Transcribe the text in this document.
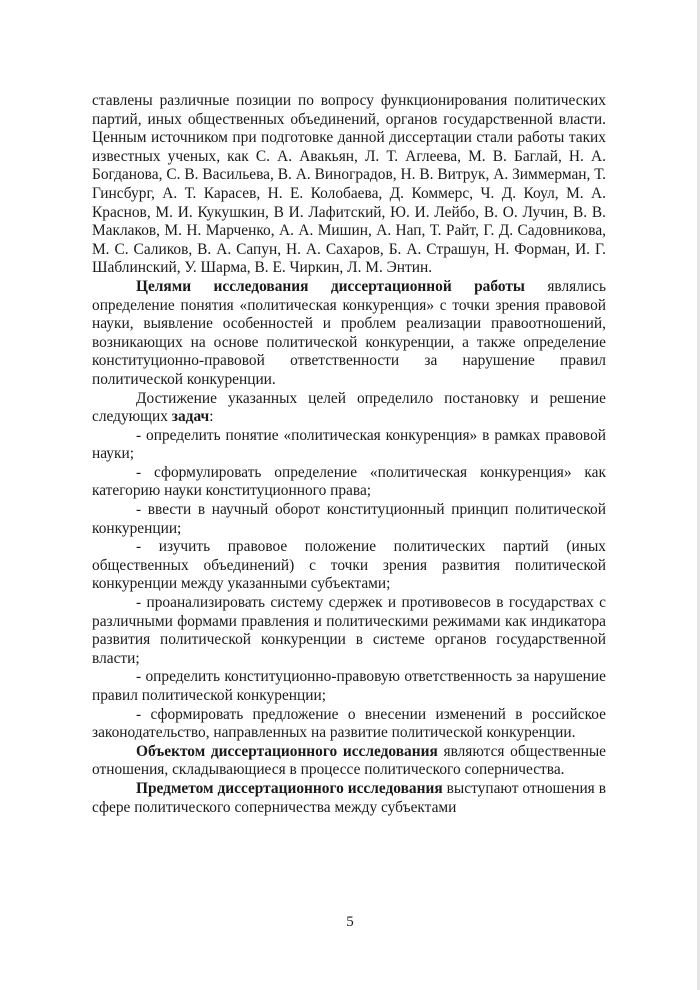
ставлены различные позиции по вопросу функционирования политических партий, иных общественных объединений, органов государственной власти. Ценным источником при подготовке данной диссертации стали работы таких известных ученых, как С. А. Авакьян, Л. Т. Аглеева, М. В. Баглай, Н. А. Богданова, С. В. Васильева, В. А. Виноградов, Н. В. Витрук, А. Зиммерман, Т. Гинсбург, А. Т. Карасев, Н. Е. Колобаева, Д. Коммерс, Ч. Д. Коул, М. А. Краснов, М. И. Кукушкин, В И. Лафитский, Ю. И. Лейбо, В. О. Лучин, В. В. Маклаков, М. Н. Марченко, А. А. Мишин, А. Нап, Т. Райт, Г. Д. Садовникова, М. С. Саликов, В. А. Сапун, Н. А. Сахаров, Б. А. Страшун, Н. Форман, И. Г. Шаблинский, У. Шарма, В. Е. Чиркин, Л. М. Энтин.

Целями исследования диссертационной работы являлись определение понятия «политическая конкуренция» с точки зрения правовой науки, выявление особенностей и проблем реализации правоотношений, возникающих на основе политической конкуренции, а также определение конституционно-правовой ответственности за нарушение правил политической конкуренции.

Достижение указанных целей определило постановку и решение следующих задач:

- определить понятие «политическая конкуренция» в рамках правовой науки;

- сформулировать определение «политическая конкуренция» как категорию науки конституционного права;

- ввести в научный оборот конституционный принцип политической конкуренции;

- изучить правовое положение политических партий (иных общественных объединений) с точки зрения развития политической конкуренции между указанными субъектами;

- проанализировать систему сдержек и противовесов в государствах с различными формами правления и политическими режимами как индикатора развития политической конкуренции в системе органов государственной власти;

- определить конституционно-правовую ответственность за нарушение правил политической конкуренции;

- сформировать предложение о внесении изменений в российское законодательство, направленных на развитие политической конкуренции.

Объектом диссертационного исследования являются общественные отношения, складывающиеся в процессе политического соперничества.

Предметом диссертационного исследования выступают отношения в сфере политического соперничества между субъектами

5
